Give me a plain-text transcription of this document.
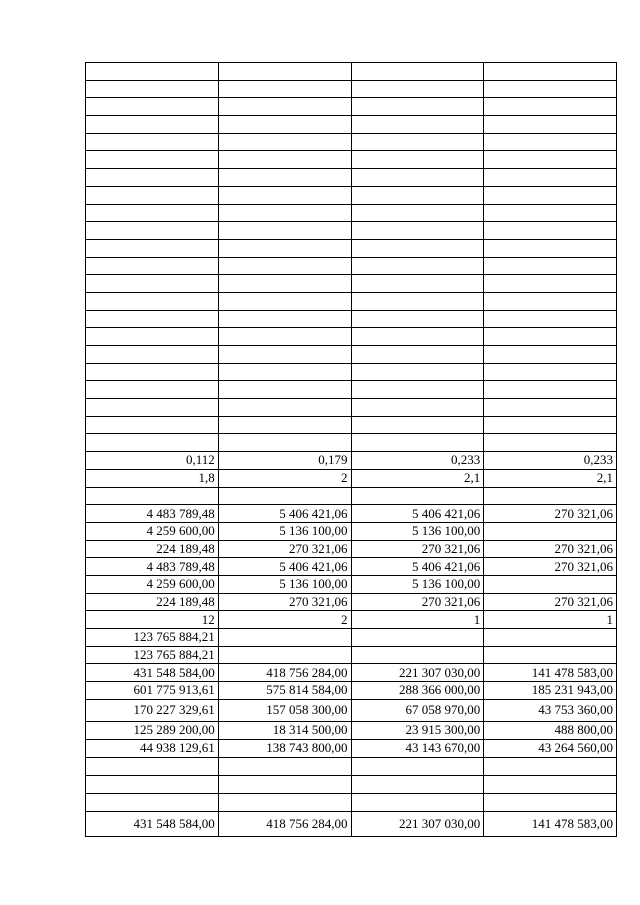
0,112	0,179	0,233	0,233
1,8	2	2,1	2,1

4 483 789,48	5 406 421,06	5 406 421,06	270 321,06
4 259 600,00	5 136 100,00	5 136 100,00	
224 189,48	270 321,06	270 321,06	270 321,06
4 483 789,48	5 406 421,06	5 406 421,06	270 321,06
4 259 600,00	5 136 100,00	5 136 100,00	
224 189,48	270 321,06	270 321,06	270 321,06
12	2	1	1
123 765 884,21			
123 765 884,21			
431 548 584,00	418 756 284,00	221 307 030,00	141 478 583,00
601 775 913,61	575 814 584,00	288 366 000,00	185 231 943,00
170 227 329,61	157 058 300,00	67 058 970,00	43 753 360,00
125 289 200,00	18 314 500,00	23 915 300,00	488 800,00
44 938 129,61	138 743 800,00	43 143 670,00	43 264 560,00

431 548 584,00	418 756 284,00	221 307 030,00	141 478 583,00
